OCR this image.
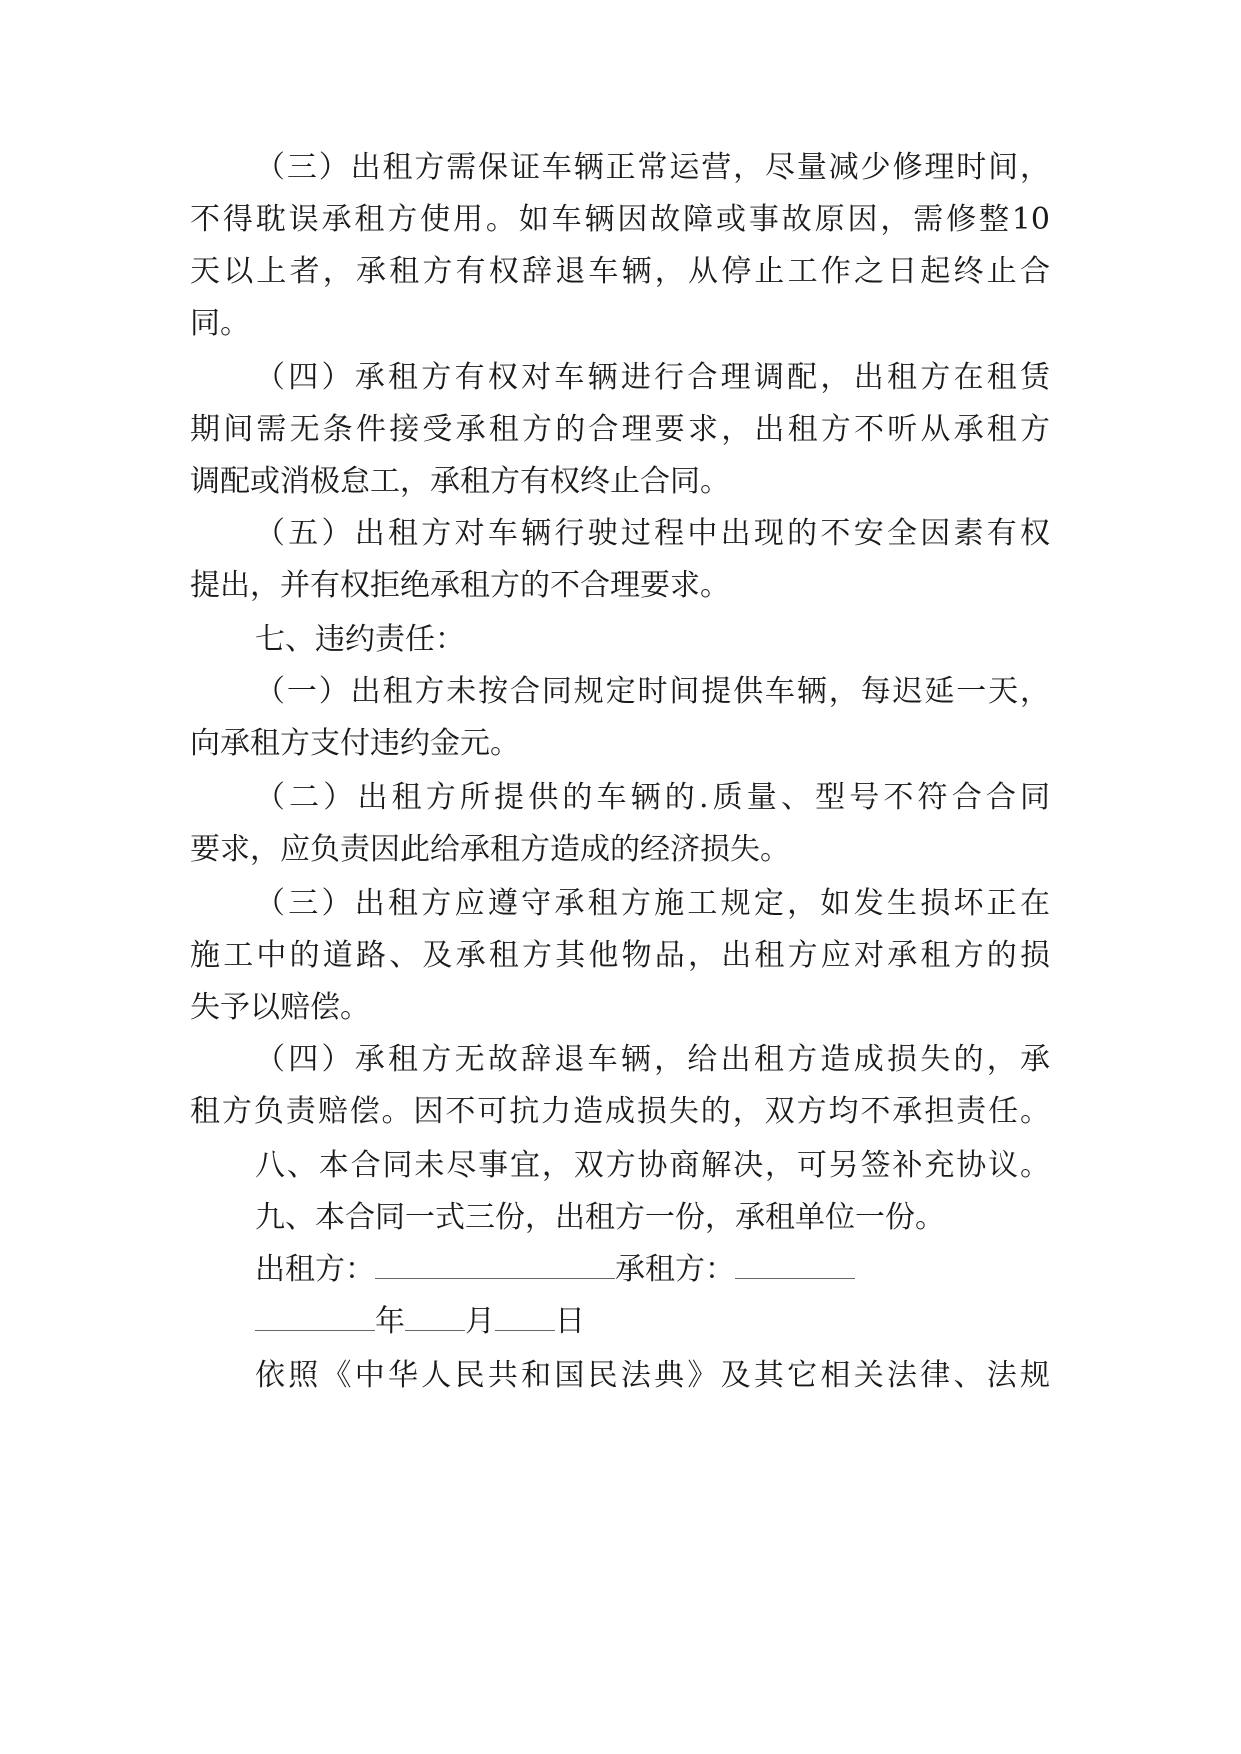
（三）出租方需保证车辆正常运营，尽量减少修理时间，
不得耽误承租方使用。如车辆因故障或事故原因，需修整10
天以上者，承租方有权辞退车辆，从停止工作之日起终止合
同。
（四）承租方有权对车辆进行合理调配，出租方在租赁
期间需无条件接受承租方的合理要求，出租方不听从承租方
调配或消极怠工，承租方有权终止合同。
（五）出租方对车辆行驶过程中出现的不安全因素有权
提出，并有权拒绝承租方的不合理要求。
七、违约责任：
（一）出租方未按合同规定时间提供车辆，每迟延一天，
向承租方支付违约金元。
（二）出租方所提供的车辆的.质量、型号不符合合同
要求，应负责因此给承租方造成的经济损失。
（三）出租方应遵守承租方施工规定，如发生损坏正在
施工中的道路、及承租方其他物品，出租方应对承租方的损
失予以赔偿。
（四）承租方无故辞退车辆，给出租方造成损失的，承
租方负责赔偿。因不可抗力造成损失的，双方均不承担责任。
八、本合同未尽事宜，双方协商解决，可另签补充协议。
九、本合同一式三份，出租方一份，承租单位一份。
出租方：	承租方：
年 月 日
依照《中华人民共和国民法典》及其它相关法律、法规
